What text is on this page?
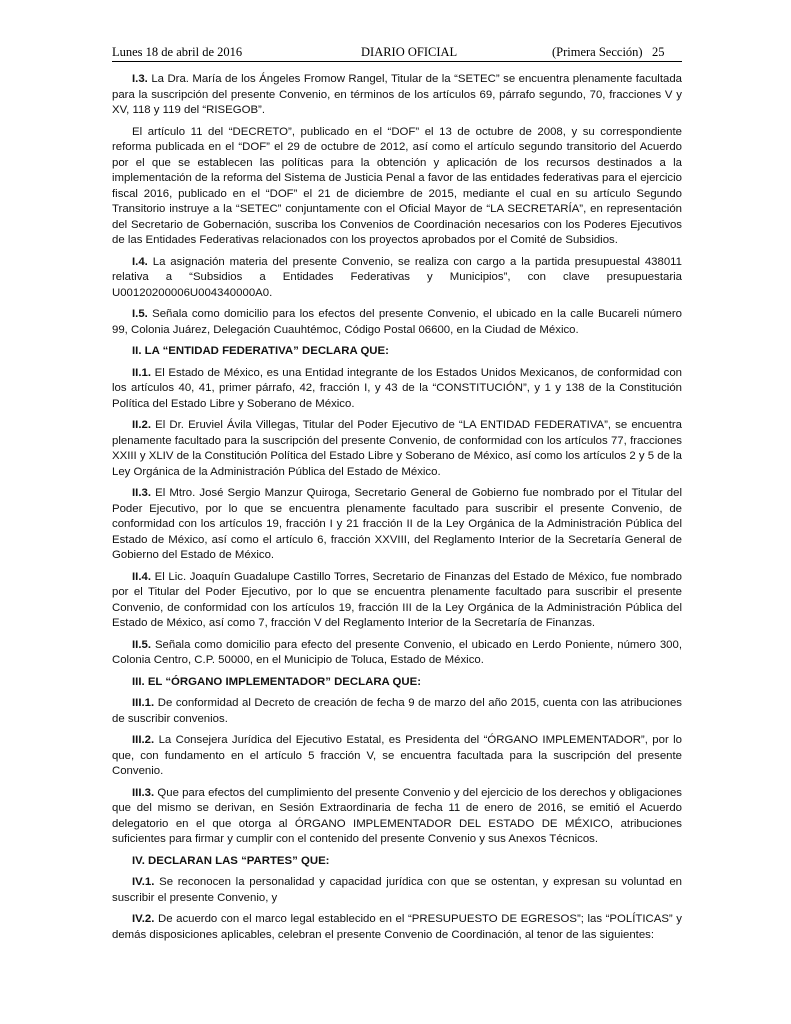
Lunes 18 de abril de 2016	DIARIO OFICIAL	(Primera Sección) 25

I.3. La Dra. María de los Ángeles Fromow Rangel, Titular de la “SETEC” se encuentra plenamente facultada para la suscripción del presente Convenio, en términos de los artículos 69, párrafo segundo, 70, fracciones V y XV, 118 y 119 del “RISEGOB”.

El artículo 11 del “DECRETO”, publicado en el “DOF” el 13 de octubre de 2008, y su correspondiente reforma publicada en el “DOF” el 29 de octubre de 2012, así como el artículo segundo transitorio del Acuerdo por el que se establecen las políticas para la obtención y aplicación de los recursos destinados a la implementación de la reforma del Sistema de Justicia Penal a favor de las entidades federativas para el ejercicio fiscal 2016, publicado en el “DOF” el 21 de diciembre de 2015, mediante el cual en su artículo Segundo Transitorio instruye a la “SETEC” conjuntamente con el Oficial Mayor de “LA SECRETARÍA”, en representación del Secretario de Gobernación, suscriba los Convenios de Coordinación necesarios con los Poderes Ejecutivos de las Entidades Federativas relacionados con los proyectos aprobados por el Comité de Subsidios.

I.4. La asignación materia del presente Convenio, se realiza con cargo a la partida presupuestal 438011 relativa a “Subsidios a Entidades Federativas y Municipios”, con clave presupuestaria U00120200006U004340000A0.

I.5. Señala como domicilio para los efectos del presente Convenio, el ubicado en la calle Bucareli número 99, Colonia Juárez, Delegación Cuauhtémoc, Código Postal 06600, en la Ciudad de México.

II. LA “ENTIDAD FEDERATIVA” DECLARA QUE:

II.1. El Estado de México, es una Entidad integrante de los Estados Unidos Mexicanos, de conformidad con los artículos 40, 41, primer párrafo, 42, fracción I, y 43 de la “CONSTITUCIÓN”, y 1 y 138 de la Constitución Política del Estado Libre y Soberano de México.

II.2. El Dr. Eruviel Ávila Villegas, Titular del Poder Ejecutivo de “LA ENTIDAD FEDERATIVA”, se encuentra plenamente facultado para la suscripción del presente Convenio, de conformidad con los artículos 77, fracciones XXIII y XLIV de la Constitución Política del Estado Libre y Soberano de México, así como los artículos 2 y 5 de la Ley Orgánica de la Administración Pública del Estado de México.

II.3. El Mtro. José Sergio Manzur Quiroga, Secretario General de Gobierno fue nombrado por el Titular del Poder Ejecutivo, por lo que se encuentra plenamente facultado para suscribir el presente Convenio, de conformidad con los artículos 19, fracción I y 21 fracción II de la Ley Orgánica de la Administración Pública del Estado de México, así como el artículo 6, fracción XXVIII, del Reglamento Interior de la Secretaría General de Gobierno del Estado de México.

II.4. El Lic. Joaquín Guadalupe Castillo Torres, Secretario de Finanzas del Estado de México, fue nombrado por el Titular del Poder Ejecutivo, por lo que se encuentra plenamente facultado para suscribir el presente Convenio, de conformidad con los artículos 19, fracción III de la Ley Orgánica de la Administración Pública del Estado de México, así como 7, fracción V del Reglamento Interior de la Secretaría de Finanzas.

II.5. Señala como domicilio para efecto del presente Convenio, el ubicado en Lerdo Poniente, número 300, Colonia Centro, C.P. 50000, en el Municipio de Toluca, Estado de México.

III. EL “ÓRGANO IMPLEMENTADOR” DECLARA QUE:

III.1. De conformidad al Decreto de creación de fecha 9 de marzo del año 2015, cuenta con las atribuciones de suscribir convenios.

III.2. La Consejera Jurídica del Ejecutivo Estatal, es Presidenta del “ÓRGANO IMPLEMENTADOR”, por lo que, con fundamento en el artículo 5 fracción V, se encuentra facultada para la suscripción del presente Convenio.

III.3. Que para efectos del cumplimiento del presente Convenio y del ejercicio de los derechos y obligaciones que del mismo se derivan, en Sesión Extraordinaria de fecha 11 de enero de 2016, se emitió el Acuerdo delegatorio en el que otorga al ÓRGANO IMPLEMENTADOR DEL ESTADO DE MÉXICO, atribuciones suficientes para firmar y cumplir con el contenido del presente Convenio y sus Anexos Técnicos.

IV. DECLARAN LAS “PARTES” QUE:

IV.1. Se reconocen la personalidad y capacidad jurídica con que se ostentan, y expresan su voluntad en suscribir el presente Convenio, y

IV.2. De acuerdo con el marco legal establecido en el “PRESUPUESTO DE EGRESOS”; las “POLÍTICAS” y demás disposiciones aplicables, celebran el presente Convenio de Coordinación, al tenor de las siguientes:
